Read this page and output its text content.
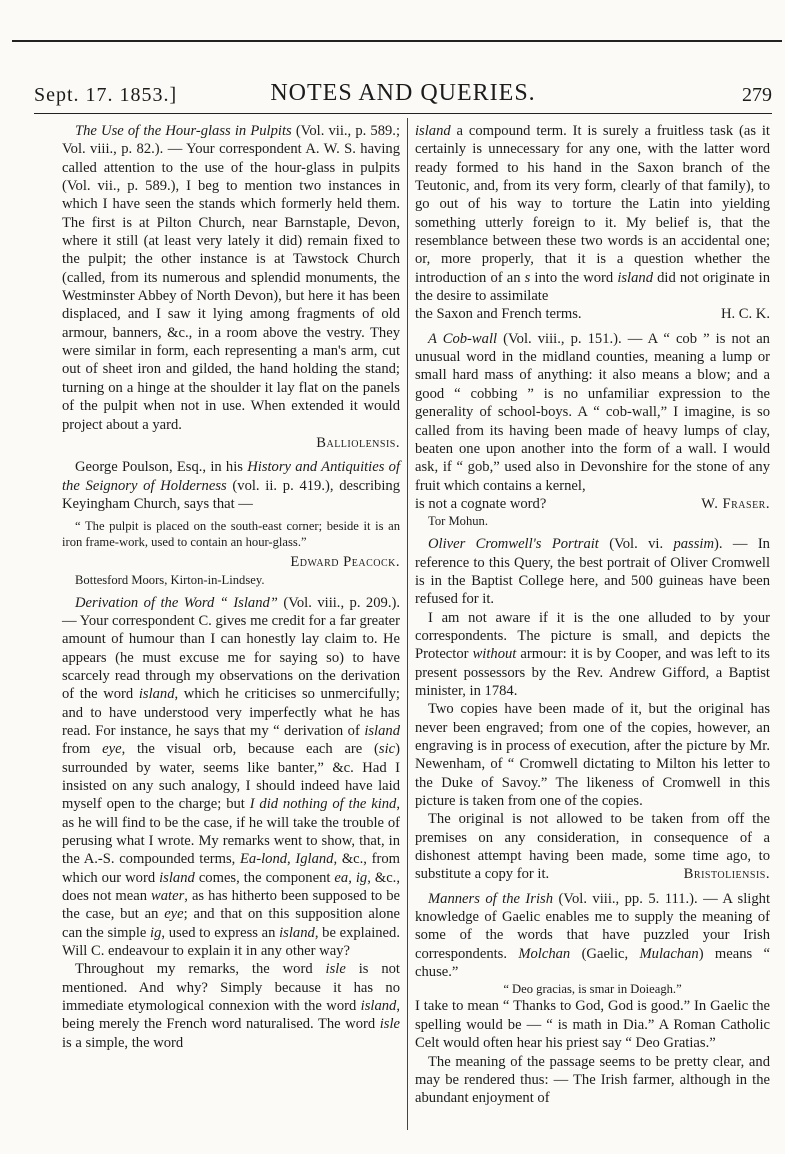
Sept. 17. 1853.]	NOTES AND QUERIES.	279

The Use of the Hour-glass in Pulpits (Vol. vii., p. 589.; Vol. viii., p. 82.). — Your correspondent A. W. S. having called attention to the use of the hour-glass in pulpits (Vol. vii., p. 589.), I beg to mention two instances in which I have seen the stands which formerly held them. The first is at Pilton Church, near Barnstaple, Devon, where it still (at least very lately it did) remain fixed to the pulpit; the other instance is at Tawstock Church (called, from its numerous and splendid monuments, the Westminster Abbey of North Devon), but here it has been displaced, and I saw it lying among fragments of old armour, banners, &c., in a room above the vestry. They were similar in form, each representing a man's arm, cut out of sheet iron and gilded, the hand holding the stand; turning on a hinge at the shoulder it lay flat on the panels of the pulpit when not in use. When extended it would project about a yard.

Balliolensis.

George Poulson, Esq., in his History and Antiquities of the Seignory of Holderness (vol. ii. p. 419.), describing Keyingham Church, says that —

“ The pulpit is placed on the south-east corner; beside it is an iron frame-work, used to contain an hour-glass.”

Edward Peacock.

Bottesford Moors, Kirton-in-Lindsey.

Derivation of the Word “ Island” (Vol. viii., p. 209.). — Your correspondent C. gives me credit for a far greater amount of humour than I can honestly lay claim to. He appears (he must excuse me for saying so) to have scarcely read through my observations on the derivation of the word island, which he criticises so unmercifully; and to have understood very imperfectly what he has read. For instance, he says that my “ derivation of island from eye, the visual orb, because each are (sic) surrounded by water, seems like banter,” &c. Had I insisted on any such analogy, I should indeed have laid myself open to the charge; but I did nothing of the kind, as he will find to be the case, if he will take the trouble of perusing what I wrote. My remarks went to show, that, in the A.-S. compounded terms, Ea-lond, Igland, &c., from which our word island comes, the component ea, ig, &c., does not mean water, as has hitherto been supposed to be the case, but an eye; and that on this supposition alone can the simple ig, used to express an island, be explained. Will C. endeavour to explain it in any other way?

Throughout my remarks, the word isle is not mentioned. And why? Simply because it has no immediate etymological connexion with the word island, being merely the French word naturalised. The word isle is a simple, the word

island a compound term. It is surely a fruitless task (as it certainly is unnecessary for any one, with the latter word ready formed to his hand in the Saxon branch of the Teutonic, and, from its very form, clearly of that family), to go out of his way to torture the Latin into yielding something utterly foreign to it. My belief is, that the resemblance between these two words is an accidental one; or, more properly, that it is a question whether the introduction of an s into the word island did not originate in the desire to assimilate

the Saxon and French terms.	H. C. K.

A Cob-wall (Vol. viii., p. 151.). — A “ cob ” is not an unusual word in the midland counties, meaning a lump or small hard mass of anything: it also means a blow; and a good “ cobbing ” is no unfamiliar expression to the generality of school-boys. A “ cob-wall,” I imagine, is so called from its having been made of heavy lumps of clay, beaten one upon another into the form of a wall. I would ask, if “ gob,” used also in Devonshire for the stone of any fruit which contains a kernel,

is not a cognate word?	W. Fraser.

Tor Mohun.

Oliver Cromwell's Portrait (Vol. vi. passim). — In reference to this Query, the best portrait of Oliver Cromwell is in the Baptist College here, and 500 guineas have been refused for it.

I am not aware if it is the one alluded to by your correspondents. The picture is small, and depicts the Protector without armour: it is by Cooper, and was left to its present possessors by the Rev. Andrew Gifford, a Baptist minister, in 1784.

Two copies have been made of it, but the original has never been engraved; from one of the copies, however, an engraving is in process of execution, after the picture by Mr. Newenham, of “ Cromwell dictating to Milton his letter to the Duke of Savoy.” The likeness of Cromwell in this picture is taken from one of the copies.

The original is not allowed to be taken from off the premises on any consideration, in consequence of a dishonest attempt having been made, some time ago, to substitute a copy for it.	Bristoliensis.

Manners of the Irish (Vol. viii., pp. 5. 111.). — A slight knowledge of Gaelic enables me to supply the meaning of some of the words that have puzzled your Irish correspondents. Molchan (Gaelic, Mulachan) means “ chuse.”

“ Deo gracias, is smar in Doieagh.”

I take to mean “ Thanks to God, God is good.” In Gaelic the spelling would be — “ is math in Dia.” A Roman Catholic Celt would often hear his priest say “ Deo Gratias.”

The meaning of the passage seems to be pretty clear, and may be rendered thus: — The Irish farmer, although in the abundant enjoyment of
